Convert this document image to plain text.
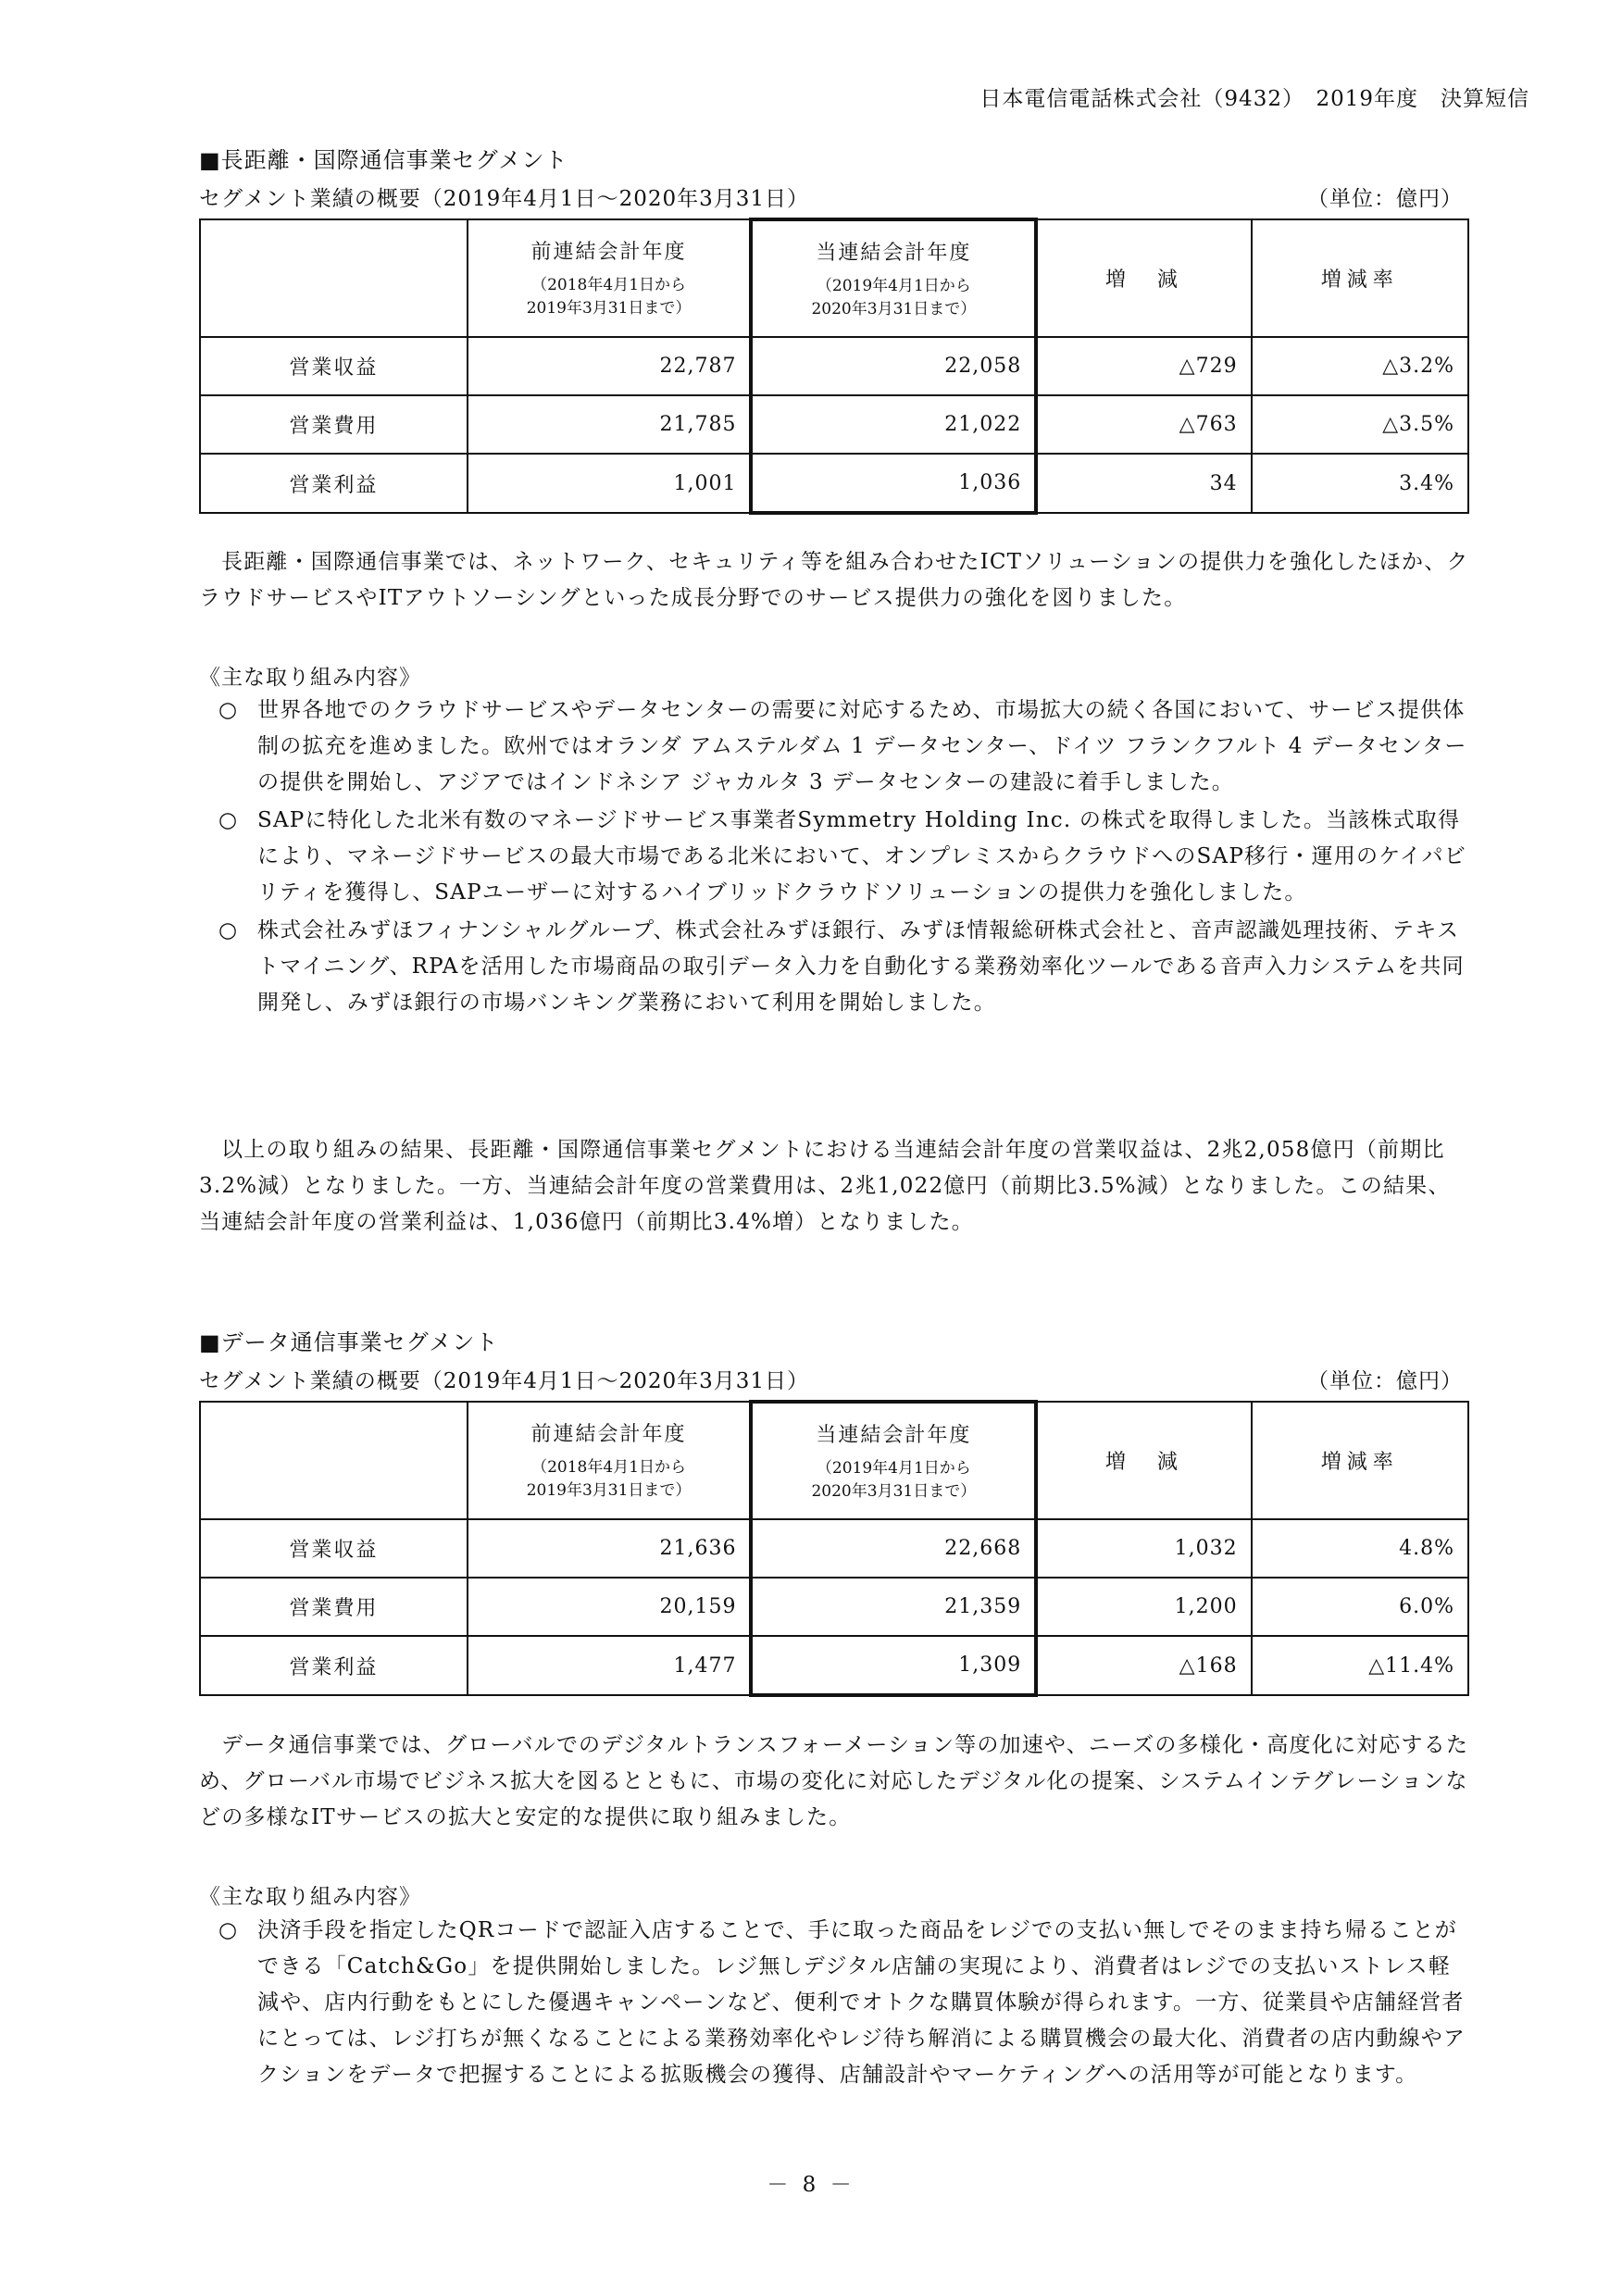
日本電信電話株式会社（9432）　2019年度　決算短信
■長距離・国際通信事業セグメント
セグメント業績の概要（2019年4月1日～2020年3月31日）	（単位：億円）

	前連結会計年度
（2018年4月1日から
2019年3月31日まで）	当連結会計年度
（2019年4月1日から
2020年3月31日まで）	増　減	増減率
営業収益	22,787	22,058	△729	△3.2%
営業費用	21,785	21,022	△763	△3.5%
営業利益	1,001	1,036	34	3.4%

長距離・国際通信事業では、ネットワーク、セキュリティ等を組み合わせたICTソリューションの提供力を強化したほか、クラウドサービスやITアウトソーシングといった成長分野でのサービス提供力の強化を図りました。

《主な取り組み内容》
○ 世界各地でのクラウドサービスやデータセンターの需要に対応するため、市場拡大の続く各国において、サービス提供体制の拡充を進めました。欧州ではオランダ アムステルダム 1 データセンター、ドイツ フランクフルト 4 データセンターの提供を開始し、アジアではインドネシア ジャカルタ 3 データセンターの建設に着手しました。
○ SAPに特化した北米有数のマネージドサービス事業者Symmetry Holding Inc. の株式を取得しました。当該株式取得により、マネージドサービスの最大市場である北米において、オンプレミスからクラウドへのSAP移行・運用のケイパビリティを獲得し、SAPユーザーに対するハイブリッドクラウドソリューションの提供力を強化しました。
○ 株式会社みずほフィナンシャルグループ、株式会社みずほ銀行、みずほ情報総研株式会社と、音声認識処理技術、テキストマイニング、RPAを活用した市場商品の取引データ入力を自動化する業務効率化ツールである音声入力システムを共同開発し、みずほ銀行の市場バンキング業務において利用を開始しました。

以上の取り組みの結果、長距離・国際通信事業セグメントにおける当連結会計年度の営業収益は、2兆2,058億円（前期比3.2%減）となりました。一方、当連結会計年度の営業費用は、2兆1,022億円（前期比3.5%減）となりました。この結果、当連結会計年度の営業利益は、1,036億円（前期比3.4%増）となりました。

■データ通信事業セグメント
セグメント業績の概要（2019年4月1日～2020年3月31日）	（単位：億円）

	前連結会計年度
（2018年4月1日から
2019年3月31日まで）	当連結会計年度
（2019年4月1日から
2020年3月31日まで）	増　減	増減率
営業収益	21,636	22,668	1,032	4.8%
営業費用	20,159	21,359	1,200	6.0%
営業利益	1,477	1,309	△168	△11.4%

データ通信事業では、グローバルでのデジタルトランスフォーメーション等の加速や、ニーズの多様化・高度化に対応するため、グローバル市場でビジネス拡大を図るとともに、市場の変化に対応したデジタル化の提案、システムインテグレーションなどの多様なITサービスの拡大と安定的な提供に取り組みました。

《主な取り組み内容》
○ 決済手段を指定したQRコードで認証入店することで、手に取った商品をレジでの支払い無しでそのまま持ち帰ることができる「Catch&Go」を提供開始しました。レジ無しデジタル店舗の実現により、消費者はレジでの支払いストレス軽減や、店内行動をもとにした優遇キャンペーンなど、便利でオトクな購買体験が得られます。一方、従業員や店舗経営者にとっては、レジ打ちが無くなることによる業務効率化やレジ待ち解消による購買機会の最大化、消費者の店内動線やアクションをデータで把握することによる拡販機会の獲得、店舗設計やマーケティングへの活用等が可能となります。
－ 8 －
